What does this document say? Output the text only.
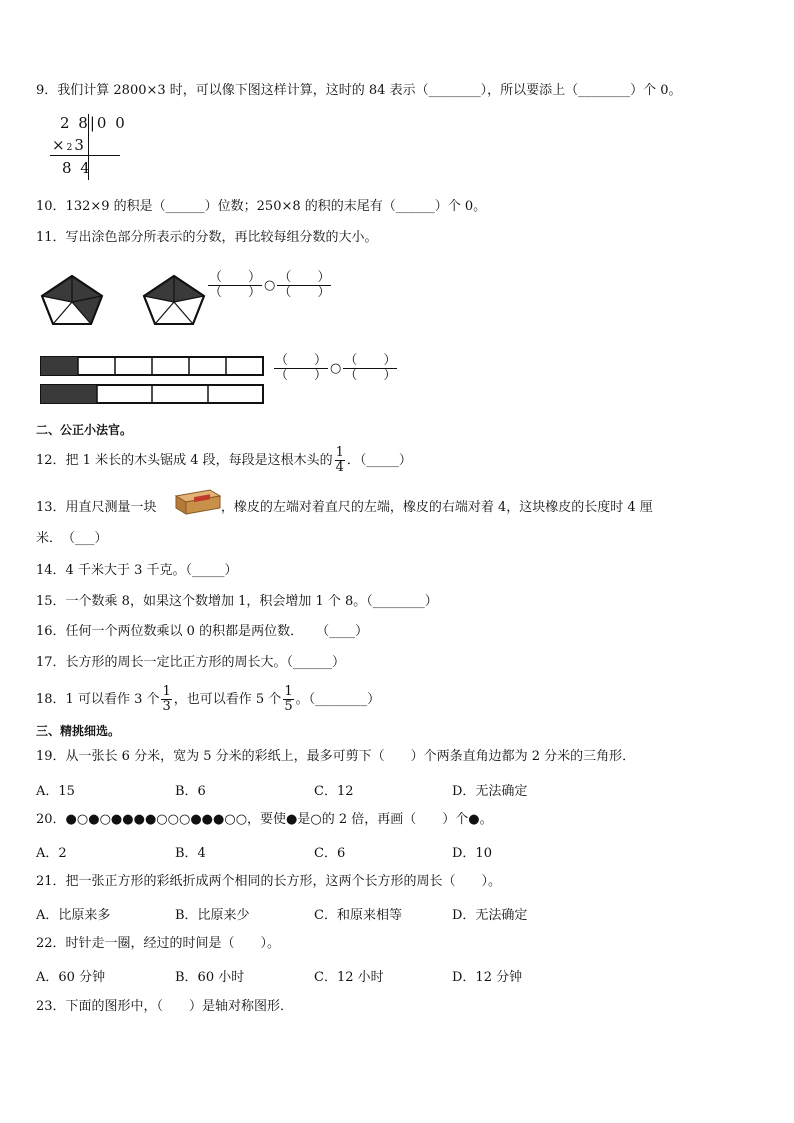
9．我们计算 2800×3 时，可以像下图这样计算，这时的 84 表示（________），所以要添上（________）个 0。
2 8|0 0
×23
8 4
10．132×9 的积是（______）位数；250×8 的积的末尾有（______）个 0。
11．写出涂色部分所表示的分数，再比较每组分数的大小。
$\frac{( )}{( )}$ ○ $\frac{( )}{( )}$
$\frac{( )}{( )}$ ○ $\frac{( )}{( )}$
二、公正小法官。
12．把 1 米长的木头锯成 4 段，每段是这根木头的 $\frac{1}{4}$ ．（_____）
13．用直尺测量一块	，橡皮的左端对着直尺的左端，橡皮的右端对着 4，这块橡皮的长度时 4 厘
米．　（___）
14．4 千米大于 3 千克。（_____）
15．一个数乘 8，如果这个数增加 1，积会增加 1 个 8。（________）
16．任何一个两位数乘以 0 的积都是两位数．　　（____）
17．长方形的周长一定比正方形的周长大。（______）
18．1 可以看作 3 个 $\frac{1}{3}$ ，也可以看作 5 个 $\frac{1}{5}$ 。（________）
三、精挑细选。
19．从一张长 6 分米，宽为 5 分米的彩纸上，最多可剪下（　　）个两条直角边都为 2 分米的三角形．
A．15	B．6	C．12	D．无法确定
20．●○●○●●●●○○○●●●○○，要使●是○的 2 倍，再画（　　）个●。
A．2	B．4	C．6	D．10
21．把一张正方形的彩纸折成两个相同的长方形，这两个长方形的周长（　　）。
A．比原来多	B．比原来少	C．和原来相等	D．无法确定
22．时针走一圈，经过的时间是（　　）。
A．60 分钟	B．60 小时	C．12 小时	D．12 分钟
23．下面的图形中，（　　）是轴对称图形．
